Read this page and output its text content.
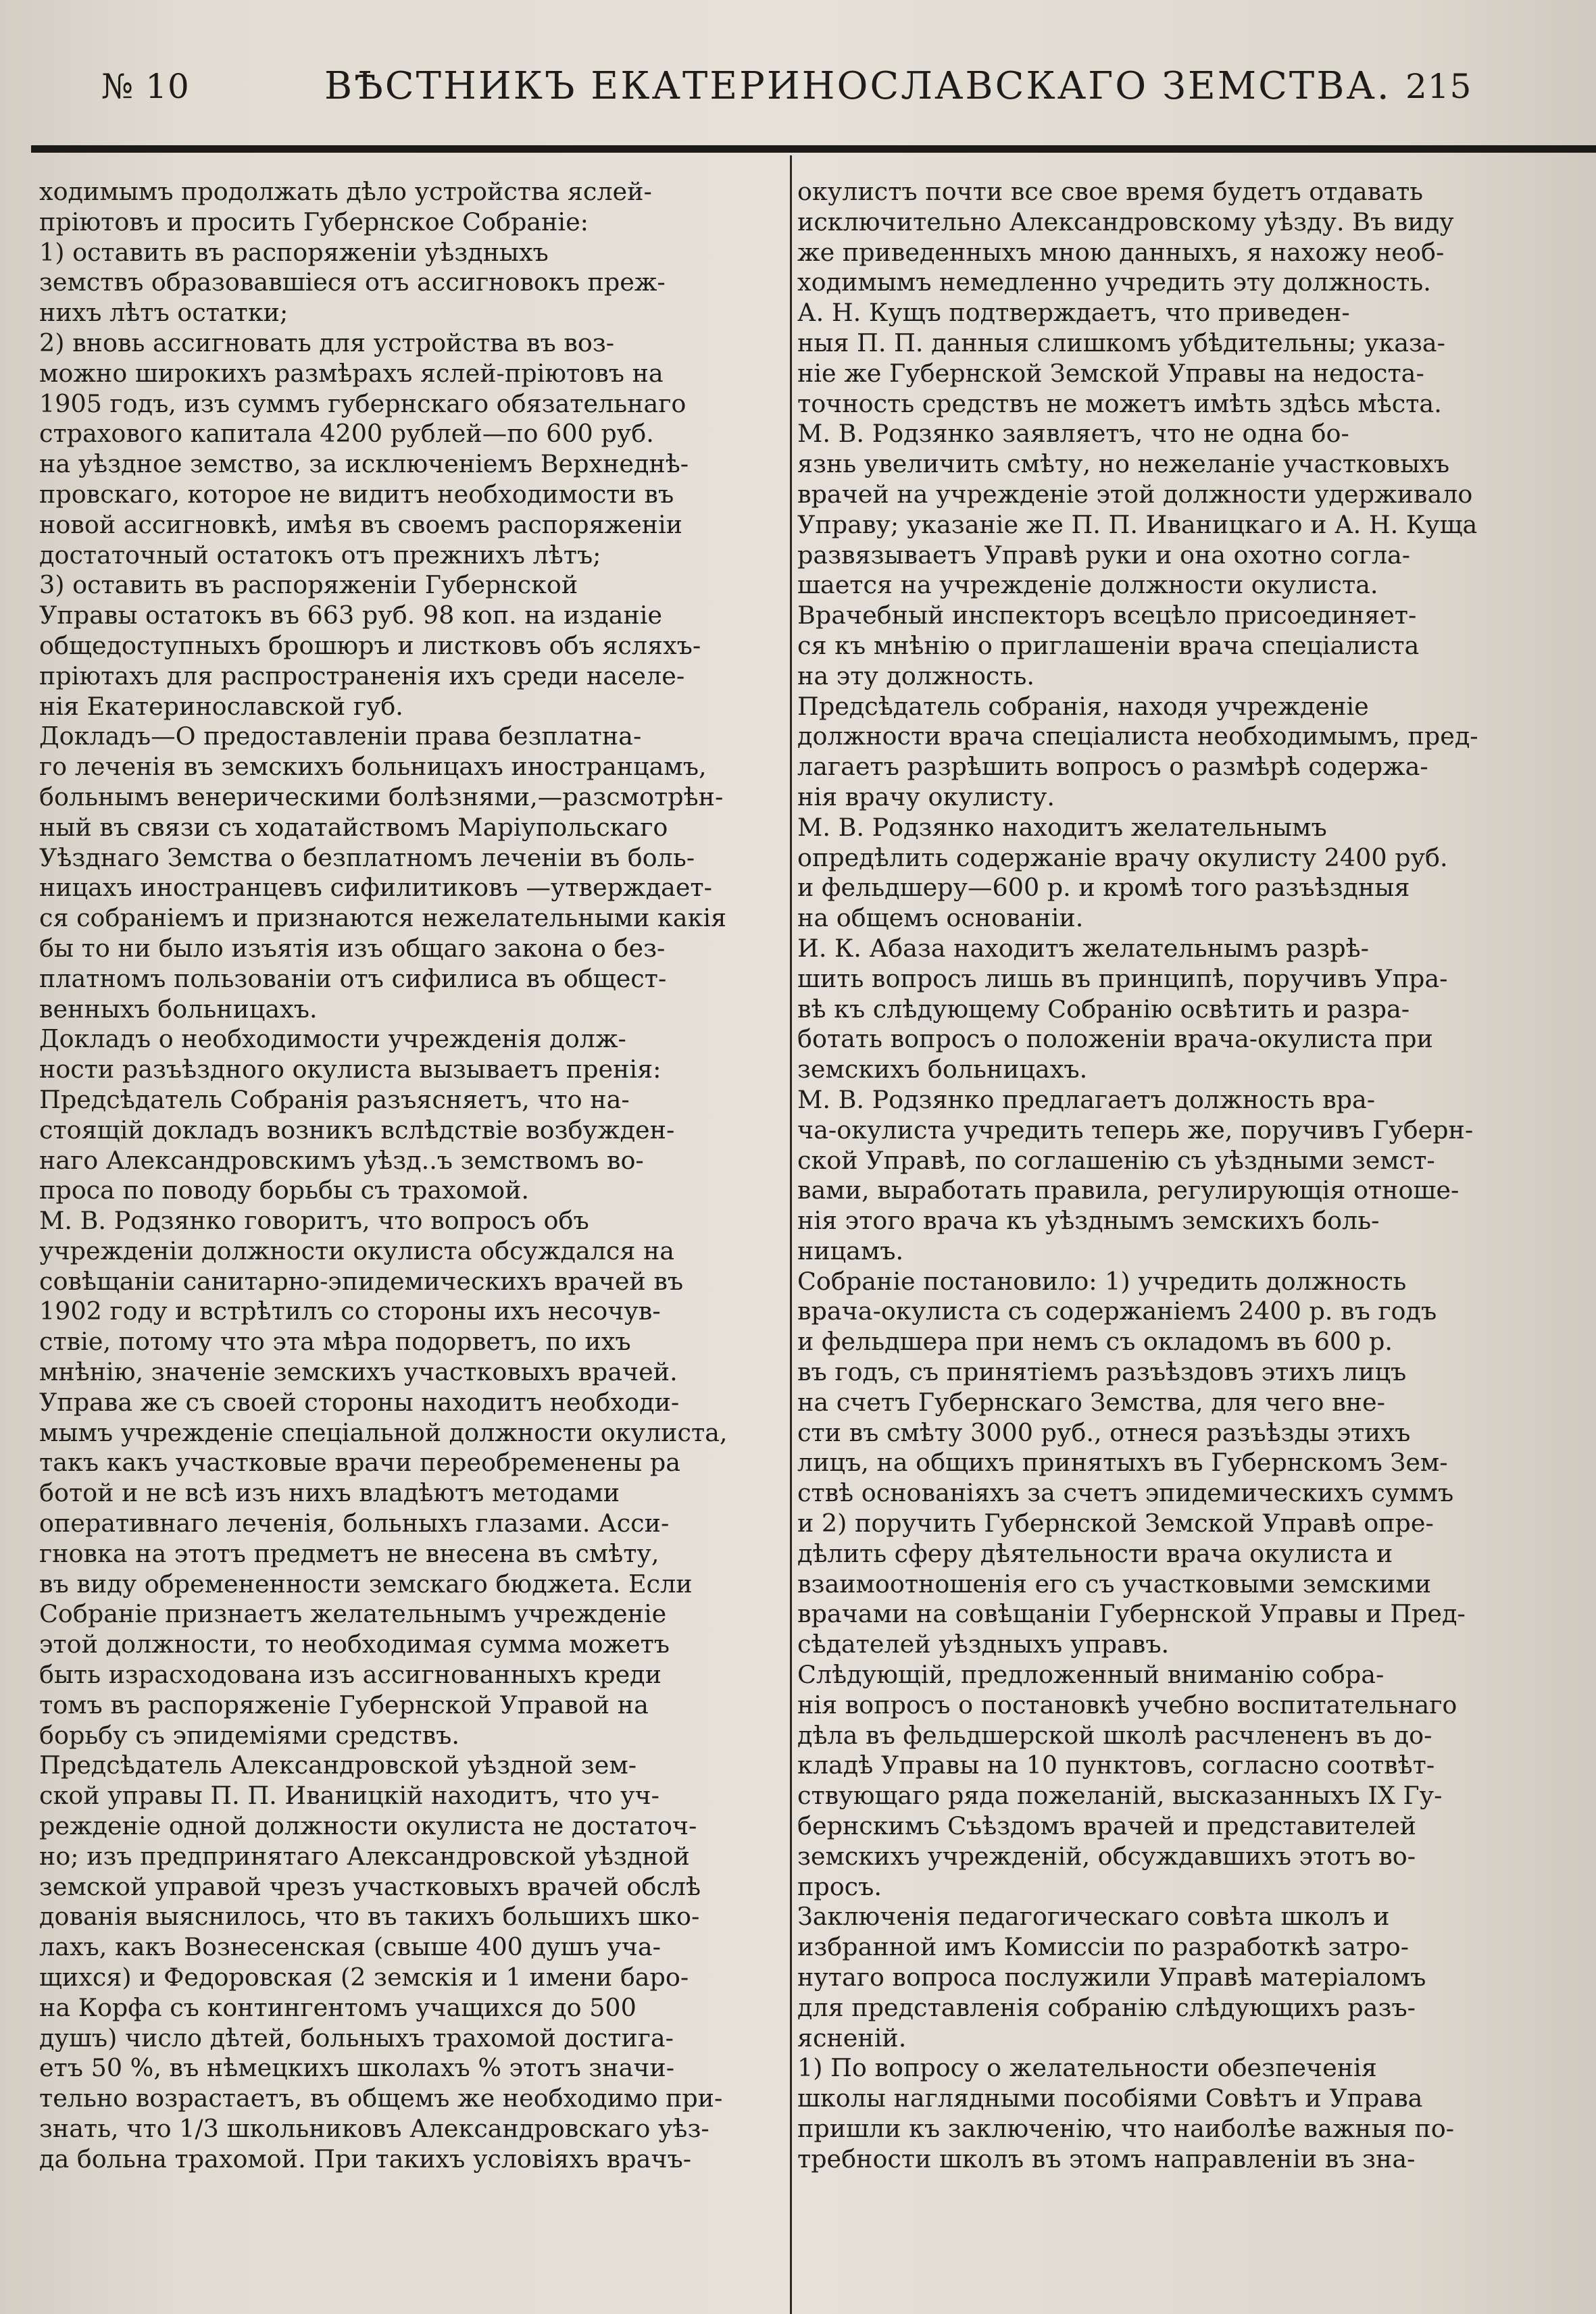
№ 10	ВѢСТНИКЪ ЕКАТЕРИНОСЛАВСКАГО ЗЕМСТВА. 215
ходимымъ продолжать дѣло устройства яслей-
пріютовъ и просить Губернское Собраніе:
1) оставить въ распоряженіи уѣздныхъ
земствъ образовавшіеся отъ ассигновокъ преж-
нихъ лѣтъ остатки;
2) вновь ассигновать для устройства въ воз-
можно широкихъ размѣрахъ яслей-пріютовъ на
1905 годъ, изъ суммъ губернскаго обязательнаго
страхового капитала 4200 рублей—по 600 руб.
на уѣздное земство, за исключеніемъ Верхнеднѣ-
провскаго, которое не видитъ необходимости въ
новой ассигновкѣ, имѣя въ своемъ распоряженіи
достаточный остатокъ отъ прежнихъ лѣтъ;
3) оставить въ распоряженіи Губернской
Управы остатокъ въ 663 руб. 98 коп. на изданіе
общедоступныхъ брошюръ и листковъ объ ясляхъ-
пріютахъ для распространенія ихъ среди населе-
нія Екатеринославской губ.
Докладъ—О предоставленіи права безплатна-
го леченія въ земскихъ больницахъ иностранцамъ,
больнымъ венерическими болѣзнями,—разсмотрѣн-
ный въ связи съ ходатайствомъ Маріупольскаго
Уѣзднаго Земства о безплатномъ леченіи въ боль-
ницахъ иностранцевъ сифилитиковъ —утверждает-
ся собраніемъ и признаются нежелательными какія
бы то ни было изъятія изъ общаго закона о без-
платномъ пользованіи отъ сифилиса въ общест-
венныхъ больницахъ.
Докладъ о необходимости учрежденія долж-
ности разъѣздного окулиста вызываетъ пренія:
Предсѣдатель Собранія разъясняетъ, что на-
стоящій докладъ возникъ вслѣдствіе возбужден-
наго Александровскимъ уѣзд..ъ земствомъ во-
проса по поводу борьбы съ трахомой.
М. В. Родзянко говоритъ, что вопросъ объ
учрежденіи должности окулиста обсуждался на
совѣщаніи санитарно-эпидемическихъ врачей въ
1902 году и встрѣтилъ со стороны ихъ несочув-
ствіе, потому что эта мѣра подорветъ, по ихъ
мнѣнію, значеніе земскихъ участковыхъ врачей.
Управа же съ своей стороны находитъ необходи-
мымъ учрежденіе спеціальной должности окулиста,
такъ какъ участковые врачи переобременены ра
ботой и не всѣ изъ нихъ владѣютъ методами
оперативнаго леченія, больныхъ глазами. Асси-
гновка на этотъ предметъ не внесена въ смѣту,
въ виду обремененности земскаго бюджета. Если
Собраніе признаетъ желательнымъ учрежденіе
этой должности, то необходимая сумма можетъ
быть израсходована изъ ассигнованныхъ креди
томъ въ распоряженіе Губернской Управой на
борьбу съ эпидеміями средствъ.
Предсѣдатель Александровской уѣздной зем-
ской управы П. П. Иваницкій находитъ, что уч-
режденіе одной должности окулиста не достаточ-
но; изъ предпринятаго Александровской уѣздной
земской управой чрезъ участковыхъ врачей обслѣ
дованія выяснилось, что въ такихъ большихъ шко-
лахъ, какъ Вознесенская (свыше 400 душъ уча-
щихся) и Федоровская (2 земскія и 1 имени баро-
на Корфа съ контингентомъ учащихся до 500
душъ) число дѣтей, больныхъ трахомой достига-
етъ 50 %, въ нѣмецкихъ школахъ % этотъ значи-
тельно возрастаетъ, въ общемъ же необходимо при-
знать, что 1/3 школьниковъ Александровскаго уѣз-
да больна трахомой. При такихъ условіяхъ врачъ-
окулистъ почти все свое время будетъ отдавать
исключительно Александровскому уѣзду. Въ виду
же приведенныхъ мною данныхъ, я нахожу необ-
ходимымъ немедленно учредить эту должность.
А. Н. Кущъ подтверждаетъ, что приведен-
ныя П. П. данныя слишкомъ убѣдительны; указа-
ніе же Губернской Земской Управы на недоста-
точность средствъ не можетъ имѣть здѣсь мѣста.
М. В. Родзянко заявляетъ, что не одна бо-
язнь увеличить смѣту, но нежеланіе участковыхъ
врачей на учрежденіе этой должности удерживало
Управу; указаніе же П. П. Иваницкаго и А. Н. Куща
развязываетъ Управѣ руки и она охотно согла-
шается на учрежденіе должности окулиста.
Врачебный инспекторъ всецѣло присоединяет-
ся къ мнѣнію о приглашеніи врача спеціалиста
на эту должность.
Предсѣдатель собранія, находя учрежденіе
должности врача спеціалиста необходимымъ, пред-
лагаетъ разрѣшить вопросъ о размѣрѣ содержа-
нія врачу окулисту.
М. В. Родзянко находитъ желательнымъ
опредѣлить содержаніе врачу окулисту 2400 руб.
и фельдшеру—600 р. и кромѣ того разъѣздныя
на общемъ основаніи.
И. К. Абаза находитъ желательнымъ разрѣ-
шить вопросъ лишь въ принципѣ, поручивъ Упра-
вѣ къ слѣдующему Собранію освѣтить и разра-
ботать вопросъ о положеніи врача-окулиста при
земскихъ больницахъ.
М. В. Родзянко предлагаетъ должность вра-
ча-окулиста учредить теперь же, поручивъ Губерн-
ской Управѣ, по соглашенію съ уѣздными земст-
вами, выработать правила, регулирующія отноше-
нія этого врача къ уѣзднымъ земскихъ боль-
ницамъ.
Собраніе постановило: 1) учредить должность
врача-окулиста съ содержаніемъ 2400 р. въ годъ
и фельдшера при немъ съ окладомъ въ 600 р.
въ годъ, съ принятіемъ разъѣздовъ этихъ лицъ
на счетъ Губернскаго Земства, для чего вне-
сти въ смѣту 3000 руб., отнеся разъѣзды этихъ
лицъ, на общихъ принятыхъ въ Губернскомъ Зем-
ствѣ основаніяхъ за счетъ эпидемическихъ суммъ
и 2) поручить Губернской Земской Управѣ опре-
дѣлить сферу дѣятельности врача окулиста и
взаимоотношенія его съ участковыми земскими
врачами на совѣщаніи Губернской Управы и Пред-
сѣдателей уѣздныхъ управъ.
Слѣдующій, предложенный вниманію собра-
нія вопросъ о постановкѣ учебно воспитательнаго
дѣла въ фельдшерской школѣ расчлененъ въ до-
кладѣ Управы на 10 пунктовъ, согласно соотвѣт-
ствующаго ряда пожеланій, высказанныхъ IX Гу-
бернскимъ Съѣздомъ врачей и представителей
земскихъ учрежденій, обсуждавшихъ этотъ во-
просъ.
Заключенія педагогическаго совѣта школъ и
избранной имъ Комиссіи по разработкѣ затро-
нутаго вопроса послужили Управѣ матеріаломъ
для представленія собранію слѣдующихъ разъ-
ясненій.
1) По вопросу о желательности обезпеченія
школы наглядными пособіями Совѣтъ и Управа
пришли къ заключенію, что наиболѣе важныя по-
требности школъ въ этомъ направленіи въ зна-
